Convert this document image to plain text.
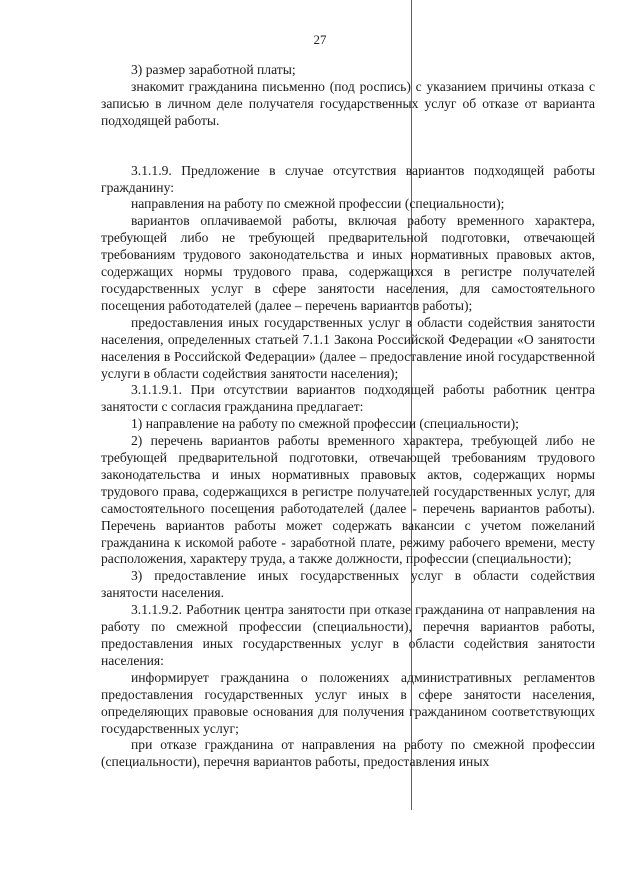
27

3) размер заработной платы;

знакомит гражданина письменно (под роспись) с указанием причины отказа с записью в личном деле получателя государственных услуг об отказе от варианта подходящей работы.

3.1.1.9. Предложение в случае отсутствия вариантов подходящей работы гражданину:

направления на работу по смежной профессии (специальности);

вариантов оплачиваемой работы, включая работу временного характера, требующей либо не требующей предварительной подготовки, отвечающей требованиям трудового законодательства и иных нормативных правовых актов, содержащих нормы трудового права, содержащихся в регистре получателей государственных услуг в сфере занятости населения, для самостоятельного посещения работодателей (далее – перечень вариантов работы);

предоставления иных государственных услуг в области содействия занятости населения, определенных статьей 7.1.1 Закона Российской Федерации «О занятости населения в Российской Федерации» (далее – предоставление иной государственной услуги в области содействия занятости населения);

3.1.1.9.1. При отсутствии вариантов подходящей работы работник центра занятости с согласия гражданина предлагает:

1) направление на работу по смежной профессии (специальности);

2) перечень вариантов работы временного характера, требующей либо не требующей предварительной подготовки, отвечающей требованиям трудового законодательства и иных нормативных правовых актов, содержащих нормы трудового права, содержащихся в регистре получателей государственных услуг, для самостоятельного посещения работодателей (далее - перечень вариантов работы). Перечень вариантов работы может содержать вакансии с учетом пожеланий гражданина к искомой работе - заработной плате, режиму рабочего времени, месту расположения, характеру труда, а также должности, профессии (специальности);

3) предоставление иных государственных услуг в области содействия занятости населения.

3.1.1.9.2. Работник центра занятости при отказе гражданина от направления на работу по смежной профессии (специальности), перечня вариантов работы, предоставления иных государственных услуг в области содействия занятости населения:

информирует гражданина о положениях административных регламентов предоставления государственных услуг иных в сфере занятости населения, определяющих правовые основания для получения гражданином соответствующих государственных услуг;

при отказе гражданина от направления на работу по смежной профессии (специальности), перечня вариантов работы, предоставления иных
